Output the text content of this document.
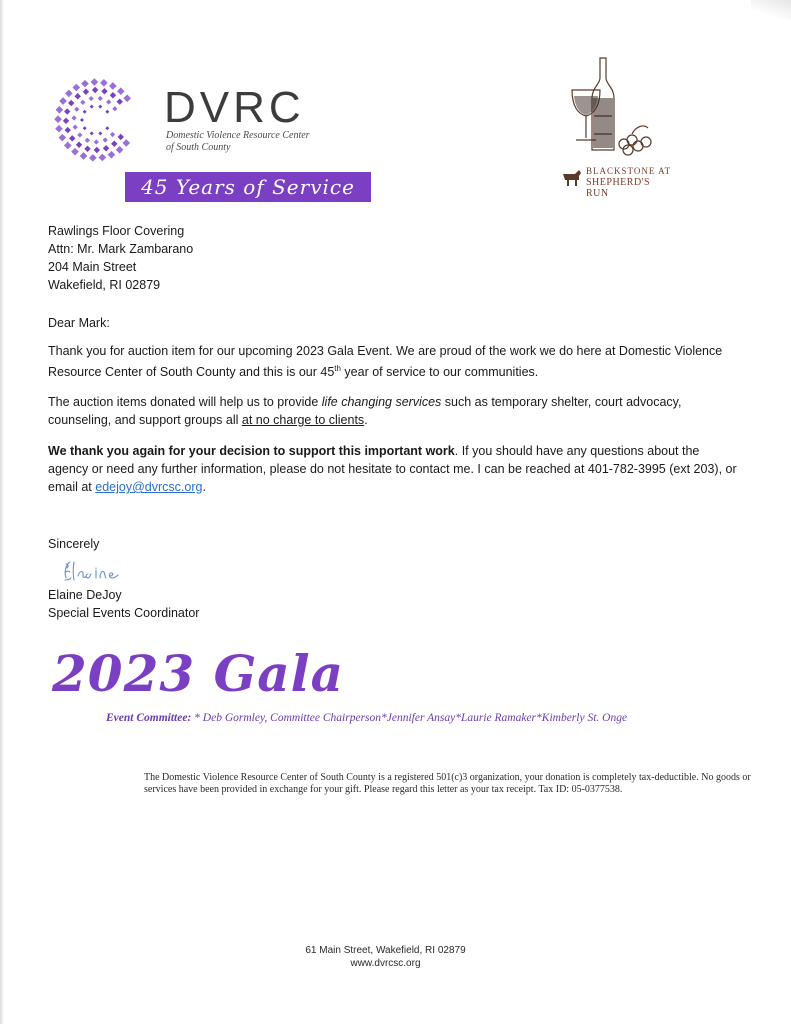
DVRC
Domestic Violence Resource Center
of South County
45 Years of Service
BLACKSTONE AT
SHEPHERD'S RUN
Rawlings Floor Covering
Attn: Mr. Mark Zambarano
204 Main Street
Wakefield, RI 02879
Dear Mark:
Thank you for auction item for our upcoming 2023 Gala Event. We are proud of the work we do here at Domestic Violence Resource Center of South County and this is our 45th year of service to our communities.
The auction items donated will help us to provide life changing services such as temporary shelter, court advocacy, counseling, and support groups all at no charge to clients.
We thank you again for your decision to support this important work. If you should have any questions about the agency or need any further information, please do not hesitate to contact me. I can be reached at 401-782-3995 (ext 203), or email at edejoy@dvrcsc.org.
Sincerely
Elaine DeJoy
Special Events Coordinator
2023 Gala
Event Committee: * Deb Gormley, Committee Chairperson*Jennifer Ansay*Laurie Ramaker*Kimberly St. Onge
The Domestic Violence Resource Center of South County is a registered 501(c)3 organization, your donation is completely tax-deductible. No goods or services have been provided in exchange for your gift. Please regard this letter as your tax receipt. Tax ID: 05-0377538.
61 Main Street, Wakefield, RI 02879
www.dvrcsc.org
